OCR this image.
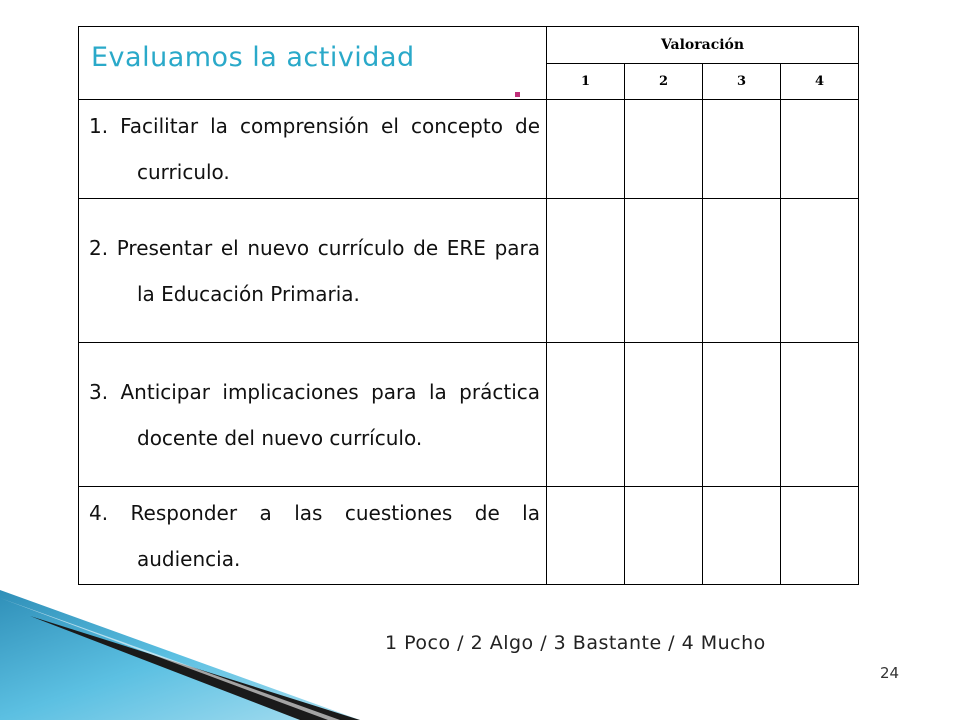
Evaluamos la actividad	Valoración			
	1	2	3	4
1. Facilitar la comprensión el concepto de curriculo.				
2. Presentar el nuevo currículo de ERE para la Educación Primaria.				
3. Anticipar implicaciones para la práctica docente del nuevo currículo.				
4. Responder a las cuestiones de la audiencia.				
1 Poco / 2 Algo / 3 Bastante / 4 Mucho
24
